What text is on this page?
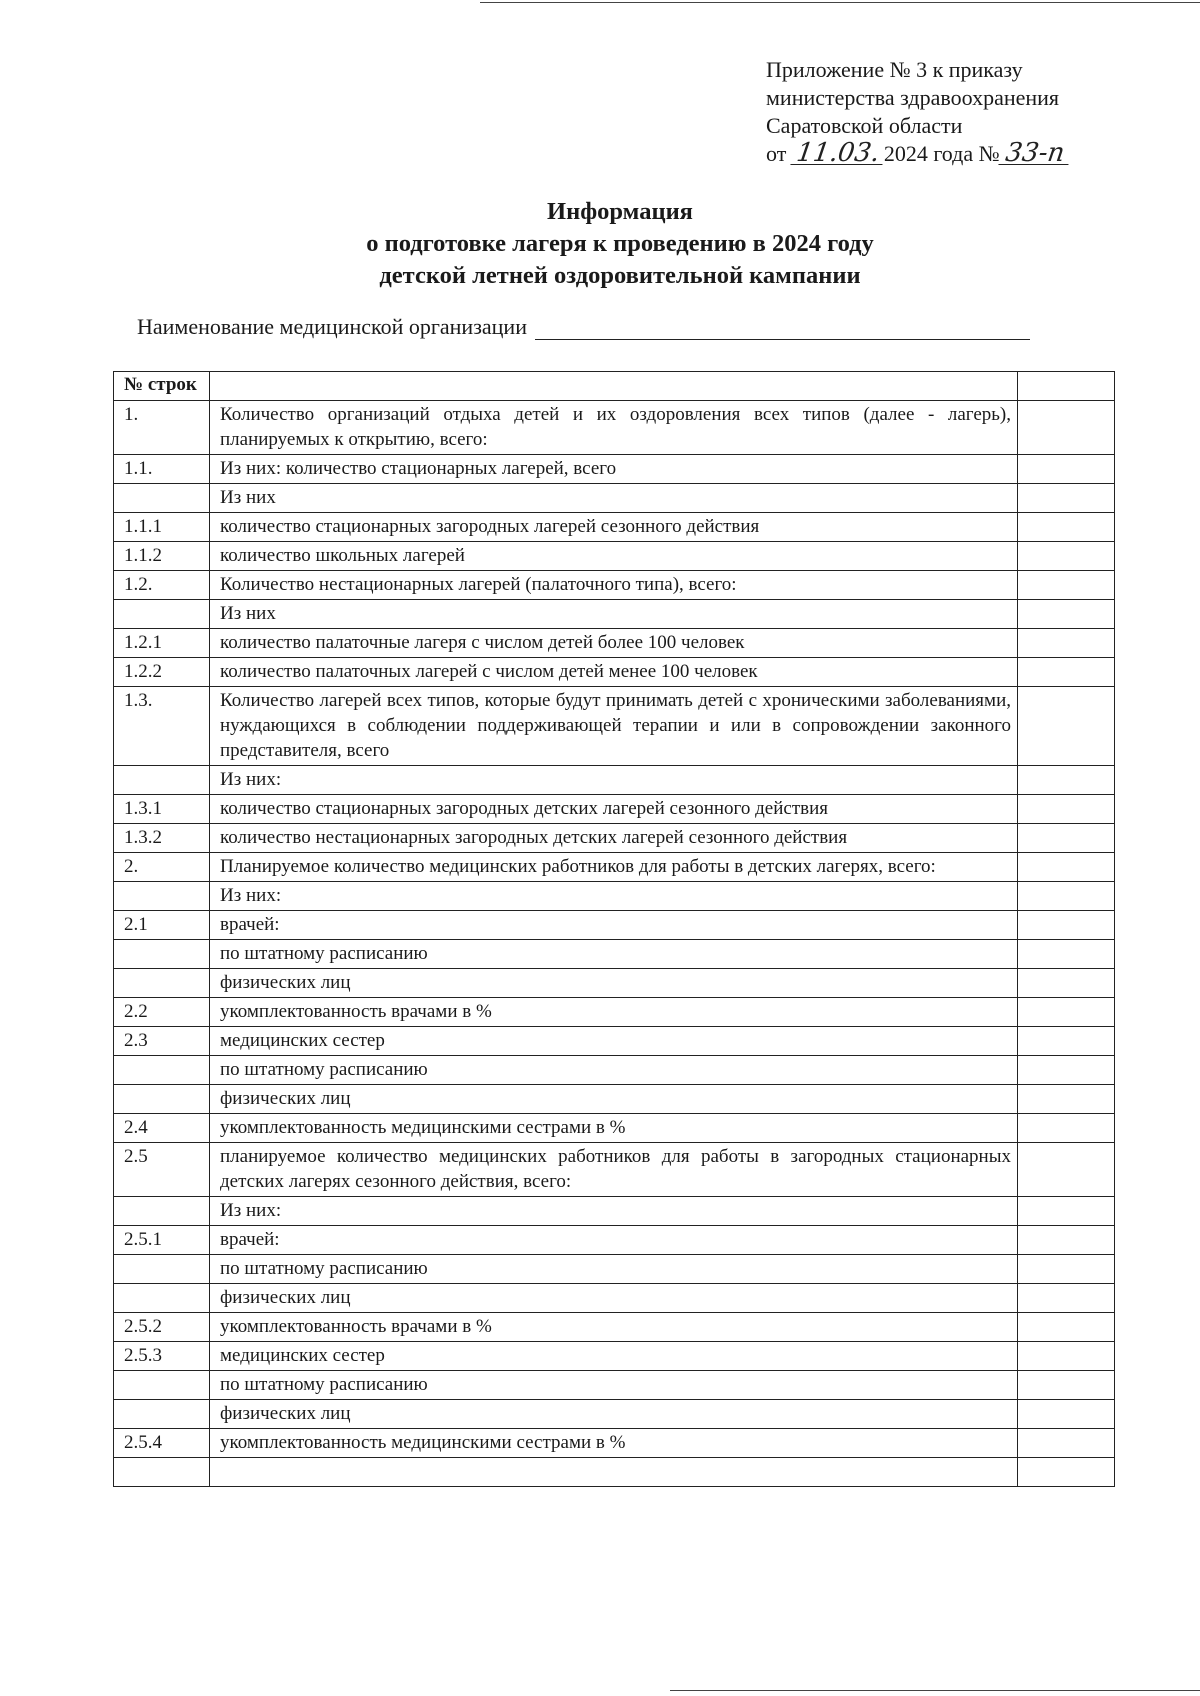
Приложение № 3 к приказу
министерства здравоохранения
Саратовской области
от 11.03. 2024 года № 33-п
Информация
о подготовке лагеря к проведению в 2024 году
детской летней оздоровительной кампании
Наименование медицинской организации
№ строк		
1.	Количество организаций отдыха детей и их оздоровления всех типов (далее - лагерь), планируемых к открытию, всего:	
1.1.	Из них: количество стационарных лагерей, всего	
	Из них	
1.1.1	количество стационарных загородных лагерей сезонного действия	
1.1.2	количество школьных лагерей	
1.2.	Количество нестационарных лагерей (палаточного типа), всего:	
	Из них	
1.2.1	количество палаточные лагеря с числом детей более 100 человек	
1.2.2	количество палаточных лагерей с числом детей менее 100 человек	
1.3.	Количество лагерей всех типов, которые будут принимать детей с хроническими заболеваниями, нуждающихся в соблюдении поддерживающей терапии и или в сопровождении законного представителя, всего	
	Из них:	
1.3.1	количество стационарных загородных детских лагерей сезонного действия	
1.3.2	количество нестационарных загородных детских лагерей сезонного действия	
2.	Планируемое количество медицинских работников для работы в детских лагерях, всего:	
	Из них:	
2.1	врачей:	
	по штатному расписанию	
	физических лиц	
2.2	укомплектованность врачами в %	
2.3	медицинских сестер	
	по штатному расписанию	
	физических лиц	
2.4	укомплектованность медицинскими сестрами в %	
2.5	планируемое количество медицинских работников для работы в загородных стационарных детских лагерях сезонного действия, всего:	
	Из них:	
2.5.1	врачей:	
	по штатному расписанию	
	физических лиц	
2.5.2	укомплектованность врачами в %	
2.5.3	медицинских сестер	
	по штатному расписанию	
	физических лиц	
2.5.4	укомплектованность медицинскими сестрами в %	
